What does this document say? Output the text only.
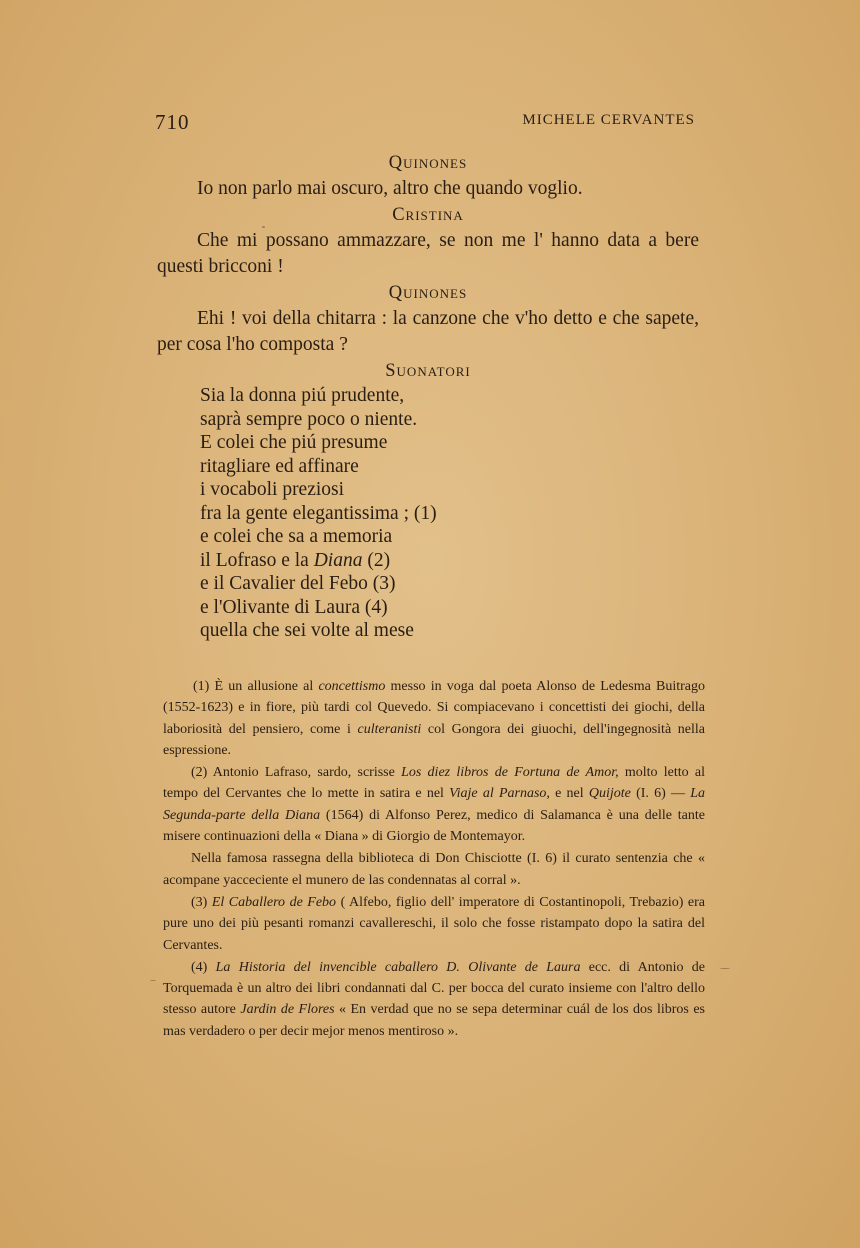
710	MICHELE CERVANTES

Quinones

Io non parlo mai oscuro, altro che quando voglio.

Cristina

Che mi possano ammazzare, se non me l' hanno data a bere questi bricconi !

Quinones

Ehi ! voi della chitarra : la canzone che v'ho detto e che sapete, per cosa l'ho composta ?

Suonatori

Sia la donna piú prudente,
saprà sempre poco o niente.
E colei che piú presume
ritagliare ed affinare
i vocaboli preziosi
fra la gente elegantissima ; (1)
e colei che sa a memoria
il Lofraso e la Diana (2)
e il Cavalier del Febo (3)
e l'Olivante di Laura (4)
quella che sei volte al mese

(1) È un allusione al concettismo messo in voga dal poeta Alonso de Ledesma Buitrago (1552-1623) e in fiore, più tardi col Quevedo. Si compiacevano i concettisti dei giochi, della laboriosità del pensiero, come i culteranisti col Gongora dei giuochi, dell'ingegnosità nella espressione.

(2) Antonio Lafraso, sardo, scrisse Los diez libros de Fortuna de Amor, molto letto al tempo del Cervantes che lo mette in satira e nel Viaje al Parnaso, e nel Quijote (I. 6) — La Segunda-parte della Diana (1564) di Alfonso Perez, medico di Salamanca è una delle tante misere continuazioni della « Diana » di Giorgio de Montemayor.

Nella famosa rassegna della biblioteca di Don Chisciotte (I. 6) il curato sentenzia che « acompane yacceciente el munero de las condennatas al corral ».

(3) El Caballero de Febo ( Alfebo, figlio dell' imperatore di Costantinopoli, Trebazio) era pure uno dei più pesanti romanzi cavallereschi, il solo che fosse ristampato dopo la satira del Cervantes.

(4) La Historia del invencible caballero D. Olivante de Laura ecc. di Antonio de Torquemada è un altro dei libri condannati dal C. per bocca del curato insieme con l'altro dello stesso autore Jardin de Flores « En verdad que no se sepa determinar cuál de los dos libros es mas verdadero o per decir mejor menos mentiroso ».
